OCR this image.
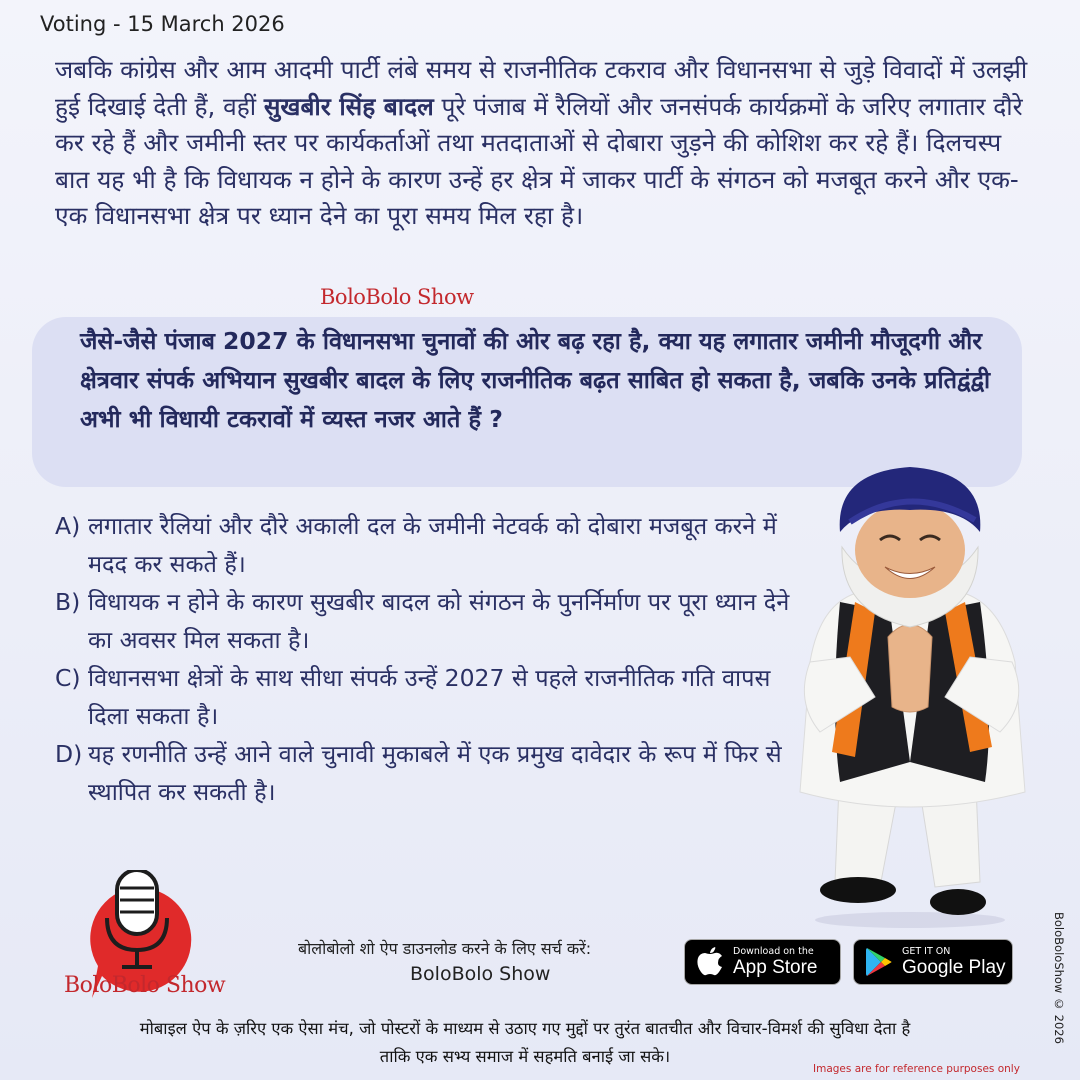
Voting - 15 March 2026
जबकि कांग्रेस और आम आदमी पार्टी लंबे समय से राजनीतिक टकराव और विधानसभा से जुड़े विवादों में उलझी हुई दिखाई देती हैं, वहीं सुखबीर सिंह बादल पूरे पंजाब में रैलियों और जनसंपर्क कार्यक्रमों के जरिए लगातार दौरे कर रहे हैं और जमीनी स्तर पर कार्यकर्ताओं तथा मतदाताओं से दोबारा जुड़ने की कोशिश कर रहे हैं। दिलचस्प बात यह भी है कि विधायक न होने के कारण उन्हें हर क्षेत्र में जाकर पार्टी के संगठन को मजबूत करने और एक-एक विधानसभा क्षेत्र पर ध्यान देने का पूरा समय मिल रहा है।
BoloBolo Show
जैसे-जैसे पंजाब 2027 के विधानसभा चुनावों की ओर बढ़ रहा है, क्या यह लगातार जमीनी मौजूदगी और क्षेत्रवार संपर्क अभियान सुखबीर बादल के लिए राजनीतिक बढ़त साबित हो सकता है, जबकि उनके प्रतिद्वंद्वी अभी भी विधायी टकरावों में व्यस्त नजर आते हैं ?
A) लगातार रैलियां और दौरे अकाली दल के जमीनी नेटवर्क को दोबारा मजबूत करने में मदद कर सकते हैं।
B) विधायक न होने के कारण सुखबीर बादल को संगठन के पुनर्निर्माण पर पूरा ध्यान देने का अवसर मिल सकता है।
C) विधानसभा क्षेत्रों के साथ सीधा संपर्क उन्हें 2027 से पहले राजनीतिक गति वापस दिला सकता है।
D) यह रणनीति उन्हें आने वाले चुनावी मुकाबले में एक प्रमुख दावेदार के रूप में फिर से स्थापित कर सकती है।
BoloBolo Show
बोलोबोलो शो ऐप डाउनलोड करने के लिए सर्च करें:
BoloBolo Show
Download on the
App Store
GET IT ON
Google Play
मोबाइल ऐप के ज़रिए एक ऐसा मंच, जो पोस्टरों के माध्यम से उठाए गए मुद्दों पर तुरंत बातचीत और विचार-विमर्श की सुविधा देता है
ताकि एक सभ्य समाज में सहमति बनाई जा सके।
Images are for reference purposes only
BoloBoloShow © 2026
